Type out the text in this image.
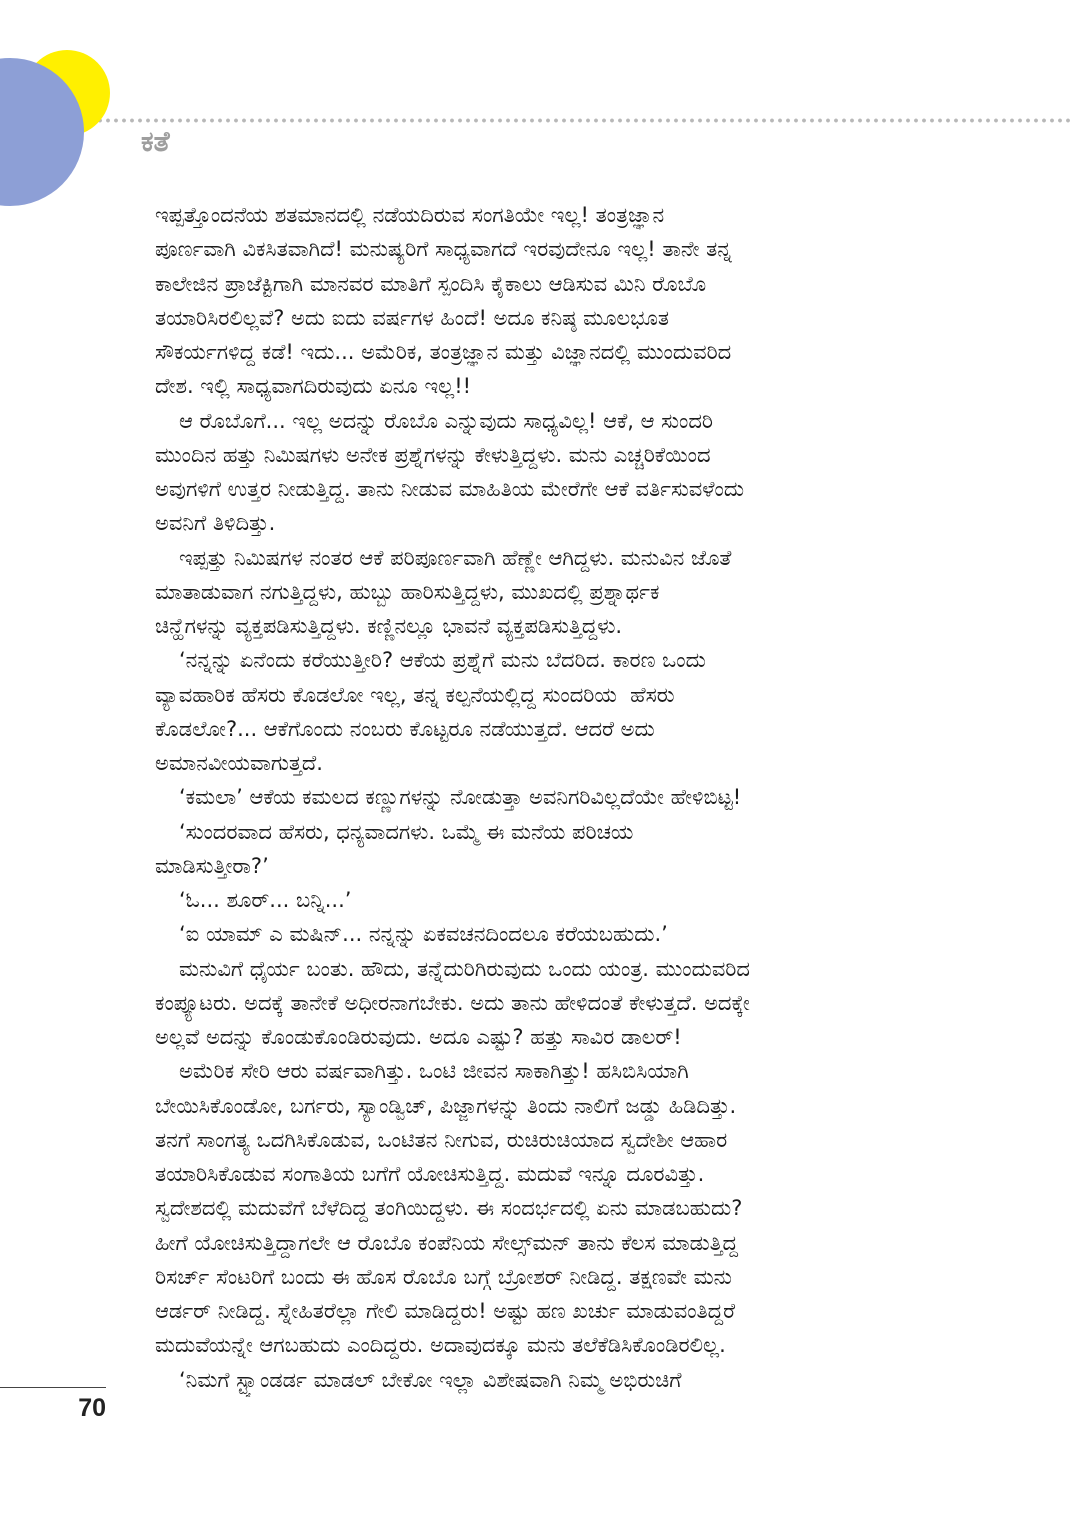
ಕತೆ
ಇಪ್ಪತ್ತೊಂದನೆಯ ಶತಮಾನದಲ್ಲಿ ನಡೆಯದಿರುವ ಸಂಗತಿಯೇ ಇಲ್ಲ! ತಂತ್ರಜ್ಞಾನ
ಪೂರ್ಣವಾಗಿ ವಿಕಸಿತವಾಗಿದೆ! ಮನುಷ್ಯರಿಗೆ ಸಾಧ್ಯವಾಗದೆ ಇರವುದೇನೂ ಇಲ್ಲ! ತಾನೇ ತನ್ನ
ಕಾಲೇಜಿನ ಪ್ರಾಜೆಕ್ಟಿಗಾಗಿ ಮಾನವರ ಮಾತಿಗೆ ಸ್ಪಂದಿಸಿ ಕೈಕಾಲು ಆಡಿಸುವ ಮಿನಿ ರೊಬೊ
ತಯಾರಿಸಿರಲಿಲ್ಲವೆ? ಅದು ಐದು ವರ್ಷಗಳ ಹಿಂದೆ! ಅದೂ ಕನಿಷ್ಠ ಮೂಲಭೂತ
ಸೌಕರ್ಯಗಳಿದ್ದ ಕಡೆ! ಇದು... ಅಮೆರಿಕ, ತಂತ್ರಜ್ಞಾನ ಮತ್ತು ವಿಜ್ಞಾನದಲ್ಲಿ ಮುಂದುವರಿದ
ದೇಶ. ಇಲ್ಲಿ ಸಾಧ್ಯವಾಗದಿರುವುದು ಏನೂ ಇಲ್ಲ!!
ಆ ರೊಬೊಗೆ... ಇಲ್ಲ ಅದನ್ನು ರೊಬೊ ಎನ್ನುವುದು ಸಾಧ್ಯವಿಲ್ಲ! ಆಕೆ, ಆ ಸುಂದರಿ
ಮುಂದಿನ ಹತ್ತು ನಿಮಿಷಗಳು ಅನೇಕ ಪ್ರಶ್ನೆಗಳನ್ನು ಕೇಳುತ್ತಿದ್ದಳು. ಮನು ಎಚ್ಚರಿಕೆಯಿಂದ
ಅವುಗಳಿಗೆ ಉತ್ತರ ನೀಡುತ್ತಿದ್ದ. ತಾನು ನೀಡುವ ಮಾಹಿತಿಯ ಮೇರೆಗೇ ಆಕೆ ವರ್ತಿಸುವಳೆಂದು
ಅವನಿಗೆ ತಿಳಿದಿತ್ತು.
ಇಪ್ಪತ್ತು ನಿಮಿಷಗಳ ನಂತರ ಆಕೆ ಪರಿಪೂರ್ಣವಾಗಿ ಹೆಣ್ಣೇ ಆಗಿದ್ದಳು. ಮನುವಿನ ಜೊತೆ
ಮಾತಾಡುವಾಗ ನಗುತ್ತಿದ್ದಳು, ಹುಬ್ಬು ಹಾರಿಸುತ್ತಿದ್ದಳು, ಮುಖದಲ್ಲಿ ಪ್ರಶ್ನಾರ್ಥಕ
ಚಿನ್ಹೆಗಳನ್ನು ವ್ಯಕ್ತಪಡಿಸುತ್ತಿದ್ದಳು. ಕಣ್ಣಿನಲ್ಲೂ ಭಾವನೆ ವ್ಯಕ್ತಪಡಿಸುತ್ತಿದ್ದಳು.
‘ನನ್ನನ್ನು ಏನೆಂದು ಕರೆಯುತ್ತೀರಿ? ಆಕೆಯ ಪ್ರಶ್ನೆಗೆ ಮನು ಬೆದರಿದ. ಕಾರಣ ಒಂದು
ವ್ಯಾವಹಾರಿಕ ಹೆಸರು ಕೊಡಲೋ ಇಲ್ಲ, ತನ್ನ ಕಲ್ಪನೆಯಲ್ಲಿದ್ದ ಸುಂದರಿಯ  ಹೆಸರು
ಕೊಡಲೋ?... ಆಕೆಗೊಂದು ನಂಬರು ಕೊಟ್ಟರೂ ನಡೆಯುತ್ತದೆ. ಆದರೆ ಅದು
ಅಮಾನವೀಯವಾಗುತ್ತದೆ.
‘ಕಮಲಾ’ ಆಕೆಯ ಕಮಲದ ಕಣ್ಣುಗಳನ್ನು ನೋಡುತ್ತಾ ಅವನಿಗರಿವಿಲ್ಲದೆಯೇ ಹೇಳಿಬಿಟ್ಟ!
‘ಸುಂದರವಾದ ಹೆಸರು, ಧನ್ಯವಾದಗಳು. ಒಮ್ಮೆ ಈ ಮನೆಯ ಪರಿಚಯ
ಮಾಡಿಸುತ್ತೀರಾ?’
‘ಓ... ಶೂರ್... ಬನ್ನಿ...’
‘ಐ ಯಾಮ್ ಎ ಮಷಿನ್... ನನ್ನನ್ನು ಏಕವಚನದಿಂದಲೂ ಕರೆಯಬಹುದು.’
ಮನುವಿಗೆ ಧೈರ್ಯ ಬಂತು. ಹೌದು, ತನ್ನೆದುರಿಗಿರುವುದು ಒಂದು ಯಂತ್ರ. ಮುಂದುವರಿದ
ಕಂಪ್ಯೂಟರು. ಅದಕ್ಕೆ ತಾನೇಕೆ ಅಧೀರನಾಗಬೇಕು. ಅದು ತಾನು ಹೇಳಿದಂತೆ ಕೇಳುತ್ತದೆ. ಅದಕ್ಕೇ
ಅಲ್ಲವೆ ಅದನ್ನು ಕೊಂಡುಕೊಂಡಿರುವುದು. ಅದೂ ಎಷ್ಟು? ಹತ್ತು ಸಾವಿರ ಡಾಲರ್!
ಅಮೆರಿಕ ಸೇರಿ ಆರು ವರ್ಷವಾಗಿತ್ತು. ಒಂಟಿ ಜೀವನ ಸಾಕಾಗಿತ್ತು! ಹಸಿಬಿಸಿಯಾಗಿ
ಬೇಯಿಸಿಕೊಂಡೋ, ಬರ್ಗರು, ಸ್ಯಾಂಡ್ವಿಚ್, ಪಿಜ್ಜಾಗಳನ್ನು ತಿಂದು ನಾಲಿಗೆ ಜಡ್ಡು ಹಿಡಿದಿತ್ತು.
ತನಗೆ ಸಾಂಗತ್ಯ ಒದಗಿಸಿಕೊಡುವ, ಒಂಟಿತನ ನೀಗುವ, ರುಚಿರುಚಿಯಾದ ಸ್ವದೇಶೀ ಆಹಾರ
ತಯಾರಿಸಿಕೊಡುವ ಸಂಗಾತಿಯ ಬಗೆಗೆ ಯೋಚಿಸುತ್ತಿದ್ದ. ಮದುವೆ ಇನ್ನೂ ದೂರವಿತ್ತು.
ಸ್ವದೇಶದಲ್ಲಿ ಮದುವೆಗೆ ಬೆಳೆದಿದ್ದ ತಂಗಿಯಿದ್ದಳು. ಈ ಸಂದರ್ಭದಲ್ಲಿ ಏನು ಮಾಡಬಹುದು?
ಹೀಗೆ ಯೋಚಿಸುತ್ತಿದ್ದಾಗಲೇ ಆ ರೊಬೊ ಕಂಪೆನಿಯ ಸೇಲ್ಸ್‌ಮನ್ ತಾನು ಕೆಲಸ ಮಾಡುತ್ತಿದ್ದ
ರಿಸರ್ಚ್ ಸೆಂಟರಿಗೆ ಬಂದು ಈ ಹೊಸ ರೊಬೊ ಬಗ್ಗೆ ಬ್ರೋಶರ್ ನೀಡಿದ್ದ. ತಕ್ಷಣವೇ ಮನು
ಆರ್ಡರ್ ನೀಡಿದ್ದ. ಸ್ನೇಹಿತರೆಲ್ಲಾ ಗೇಲಿ ಮಾಡಿದ್ದರು! ಅಷ್ಟು ಹಣ ಖರ್ಚು ಮಾಡುವಂತಿದ್ದರೆ
ಮದುವೆಯನ್ನೇ ಆಗಬಹುದು ಎಂದಿದ್ದರು. ಅದಾವುದಕ್ಕೂ ಮನು ತಲೆಕೆಡಿಸಿಕೊಂಡಿರಲಿಲ್ಲ.
‘ನಿಮಗೆ ಸ್ಟ್ಯಾಂಡರ್ಡ ಮಾಡಲ್ ಬೇಕೋ ಇಲ್ಲಾ ವಿಶೇಷವಾಗಿ ನಿಮ್ಮ ಅಭಿರುಚಿಗೆ
70
